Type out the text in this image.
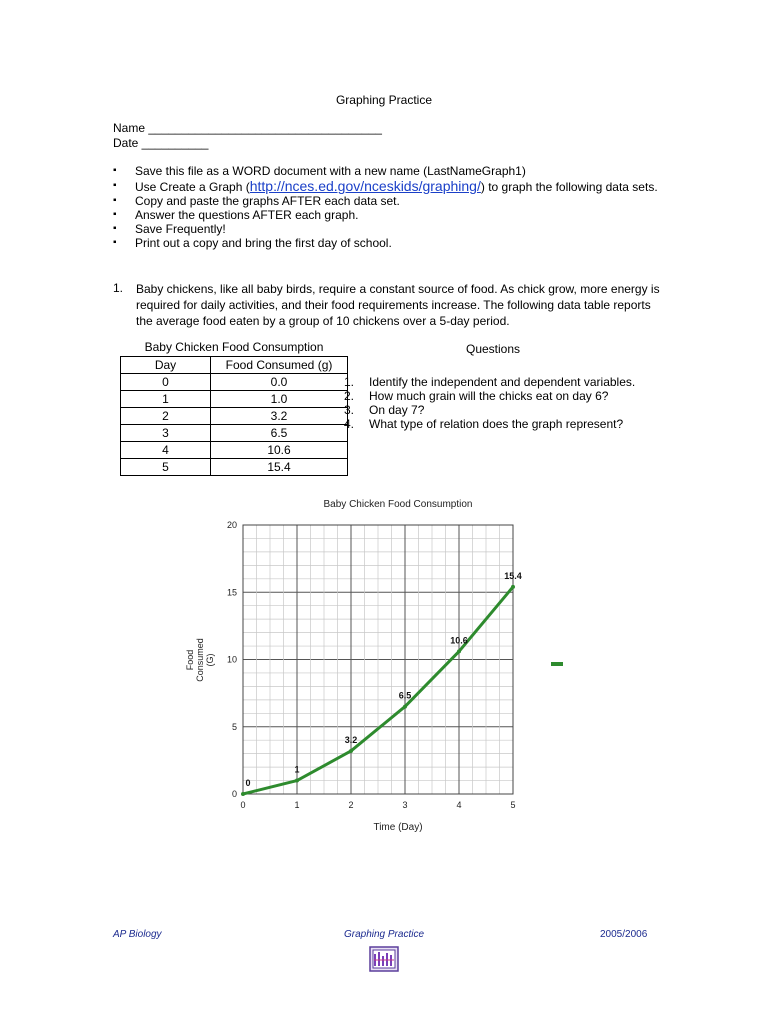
Graphing Practice
Name ___________________________________
Date __________
▪ Save this file as a WORD document with a new name (LastNameGraph1)
▪ Use Create a Graph (http://nces.ed.gov/nceskids/graphing/) to graph the following data sets.
▪ Copy and paste the graphs AFTER each data set.
▪ Answer the questions AFTER each graph.
▪ Save Frequently!
▪ Print out a copy and bring the first day of school.
1. Baby chickens, like all baby birds, require a constant source of food. As chick grow, more energy is required for daily activities, and their food requirements increase. The following data table reports the average food eaten by a group of 10 chickens over a 5-day period.
Baby Chicken Food Consumption
Day	Food Consumed (g)
0	0.0
1	1.0
2	3.2
3	6.5
4	10.6
5	15.4
Questions
1. Identify the independent and dependent variables.
2. How much grain will the chicks eat on day 6?
3. On day 7?
4. What type of relation does the graph represent?
Baby Chicken Food Consumption
0	1	2	3	4	5
0
5
10
15
20
0
1
3.2
6.5
10.6
15.4
Time (Day)
Food Consumed (G)
AP Biology	Graphing Practice	2005/2006
